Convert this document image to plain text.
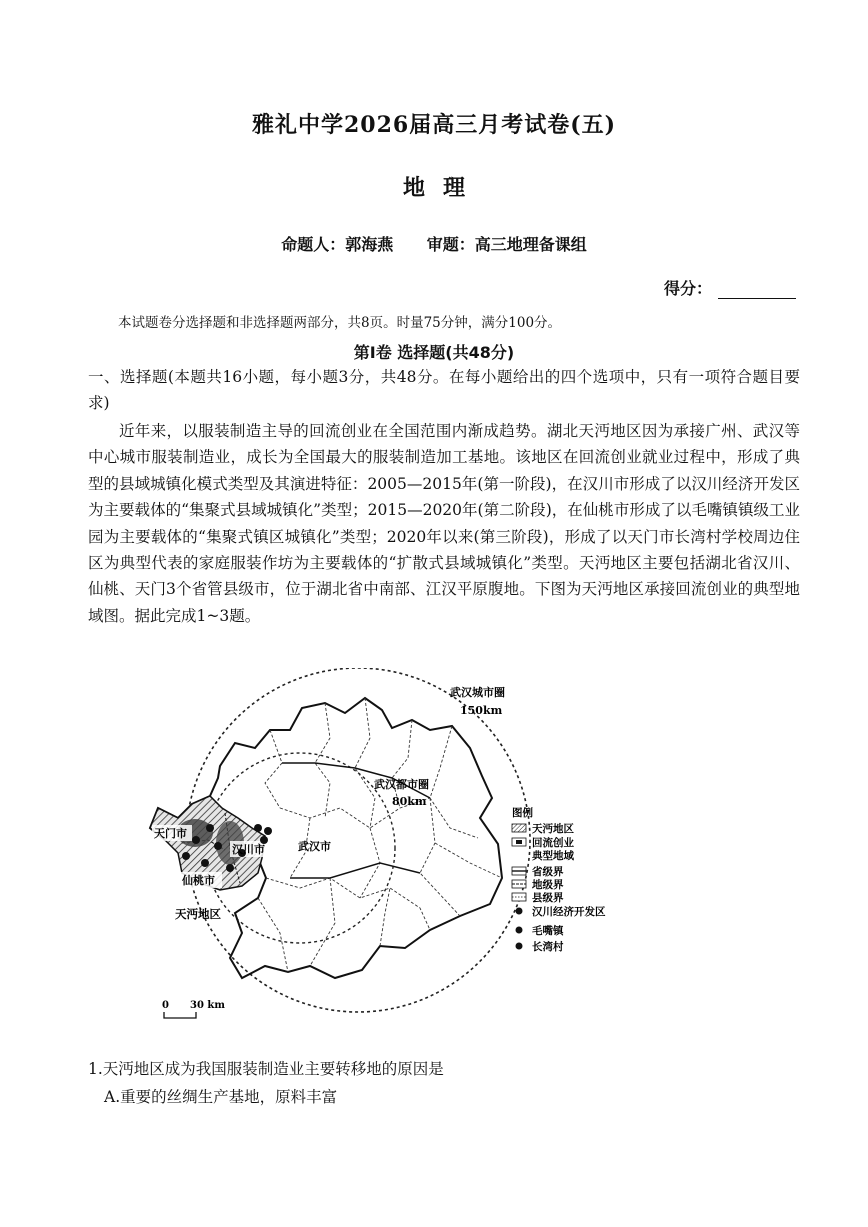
雅礼中学2026届高三月考试卷(五)
地理
命题人：郭海燕 审题：高三地理备课组
得分：
本试题卷分选择题和非选择题两部分，共8页。时量75分钟，满分100分。
第Ⅰ卷 选择题(共48分)
一、选择题(本题共16小题，每小题3分，共48分。在每小题给出的四个选项中，只有一项符合题目要求)
近年来，以服装制造主导的回流创业在全国范围内渐成趋势。湖北天沔地区因为承接广州、武汉等中心城市服装制造业，成长为全国最大的服装制造加工基地。该地区在回流创业就业过程中，形成了典型的县域城镇化模式类型及其演进特征：2005—2015年(第一阶段)，在汉川市形成了以汉川经济开发区为主要载体的“集聚式县域城镇化”类型；2015—2020年(第二阶段)，在仙桃市形成了以毛嘴镇镇级工业园为主要载体的“集聚式镇区城镇化”类型；2020年以来(第三阶段)，形成了以天门市长湾村学校周边住区为典型代表的家庭服装作坊为主要载体的“扩散式县域城镇化”类型。天沔地区主要包括湖北省汉川、仙桃、天门3个省管县级市，位于湖北省中南部、江汉平原腹地。下图为天沔地区承接回流创业的典型地域图。据此完成1~3题。
武汉城市圈
150km
武汉都市圈
80km
武汉市
汉川市
天门市
仙桃市
天沔地区
0 30 km
图例
天沔地区
回流创业
典型地域
省级界
地级界
县级界
汉川经济开发区
毛嘴镇
长湾村
1.天沔地区成为我国服装制造业主要转移地的原因是
A.重要的丝绸生产基地，原料丰富
